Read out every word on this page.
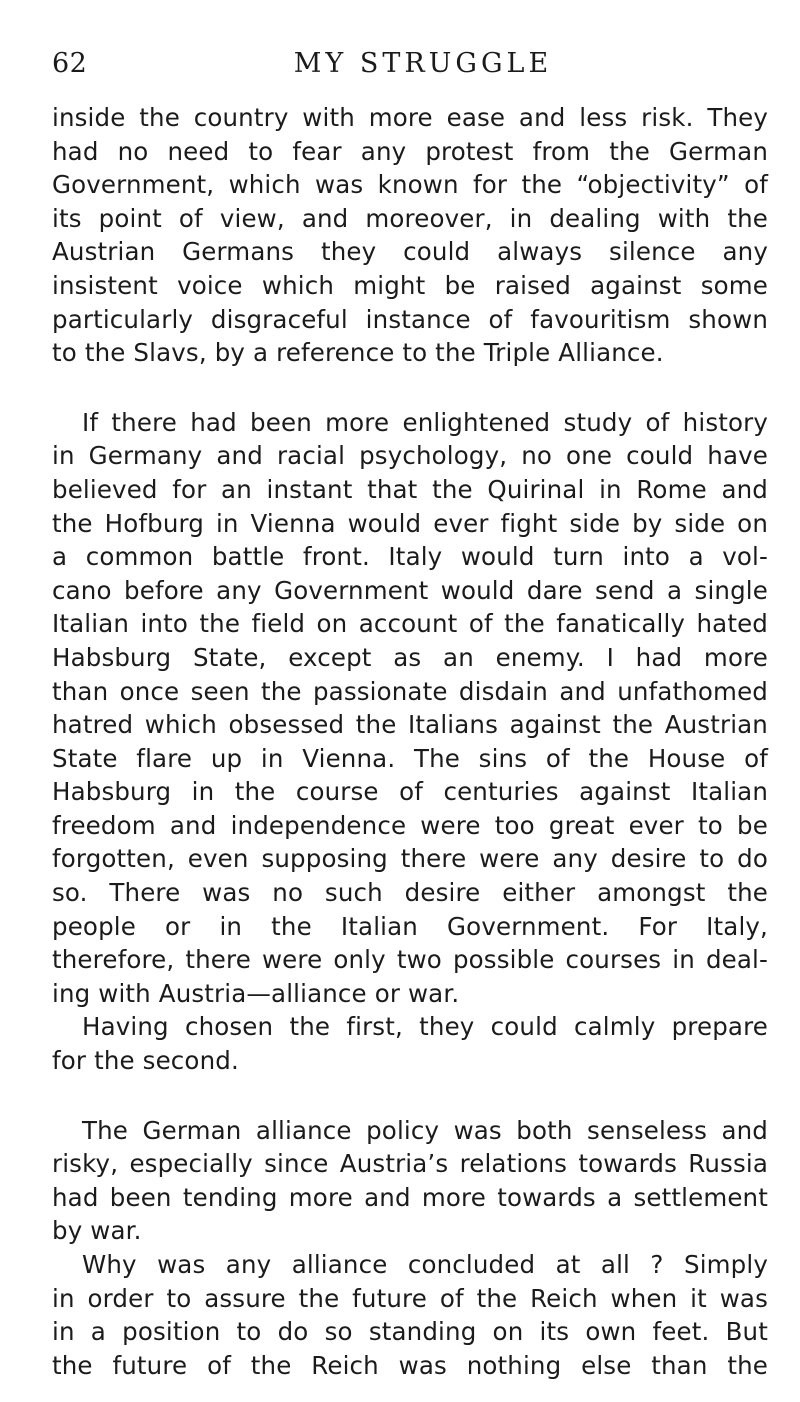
62	MY STRUGGLE
inside the country with more ease and less risk. They
had no need to fear any protest from the German
Government, which was known for the “objectivity” of
its point of view, and moreover, in dealing with the
Austrian Germans they could always silence any
insistent voice which might be raised against some
particularly disgraceful instance of favouritism shown
to the Slavs, by a reference to the Triple Alliance.
If there had been more enlightened study of history
in Germany and racial psychology, no one could have
believed for an instant that the Quirinal in Rome and
the Hofburg in Vienna would ever fight side by side on
a common battle front. Italy would turn into a vol-
cano before any Government would dare send a single
Italian into the field on account of the fanatically hated
Habsburg State, except as an enemy. I had more
than once seen the passionate disdain and unfathomed
hatred which obsessed the Italians against the Austrian
State flare up in Vienna. The sins of the House of
Habsburg in the course of centuries against Italian
freedom and independence were too great ever to be
forgotten, even supposing there were any desire to do
so. There was no such desire either amongst the
people or in the Italian Government. For Italy,
therefore, there were only two possible courses in deal-
ing with Austria—alliance or war.
Having chosen the first, they could calmly prepare
for the second.
The German alliance policy was both senseless and
risky, especially since Austria’s relations towards Russia
had been tending more and more towards a settlement
by war.
Why was any alliance concluded at all ? Simply
in order to assure the future of the Reich when it was
in a position to do so standing on its own feet. But
the future of the Reich was nothing else than the
